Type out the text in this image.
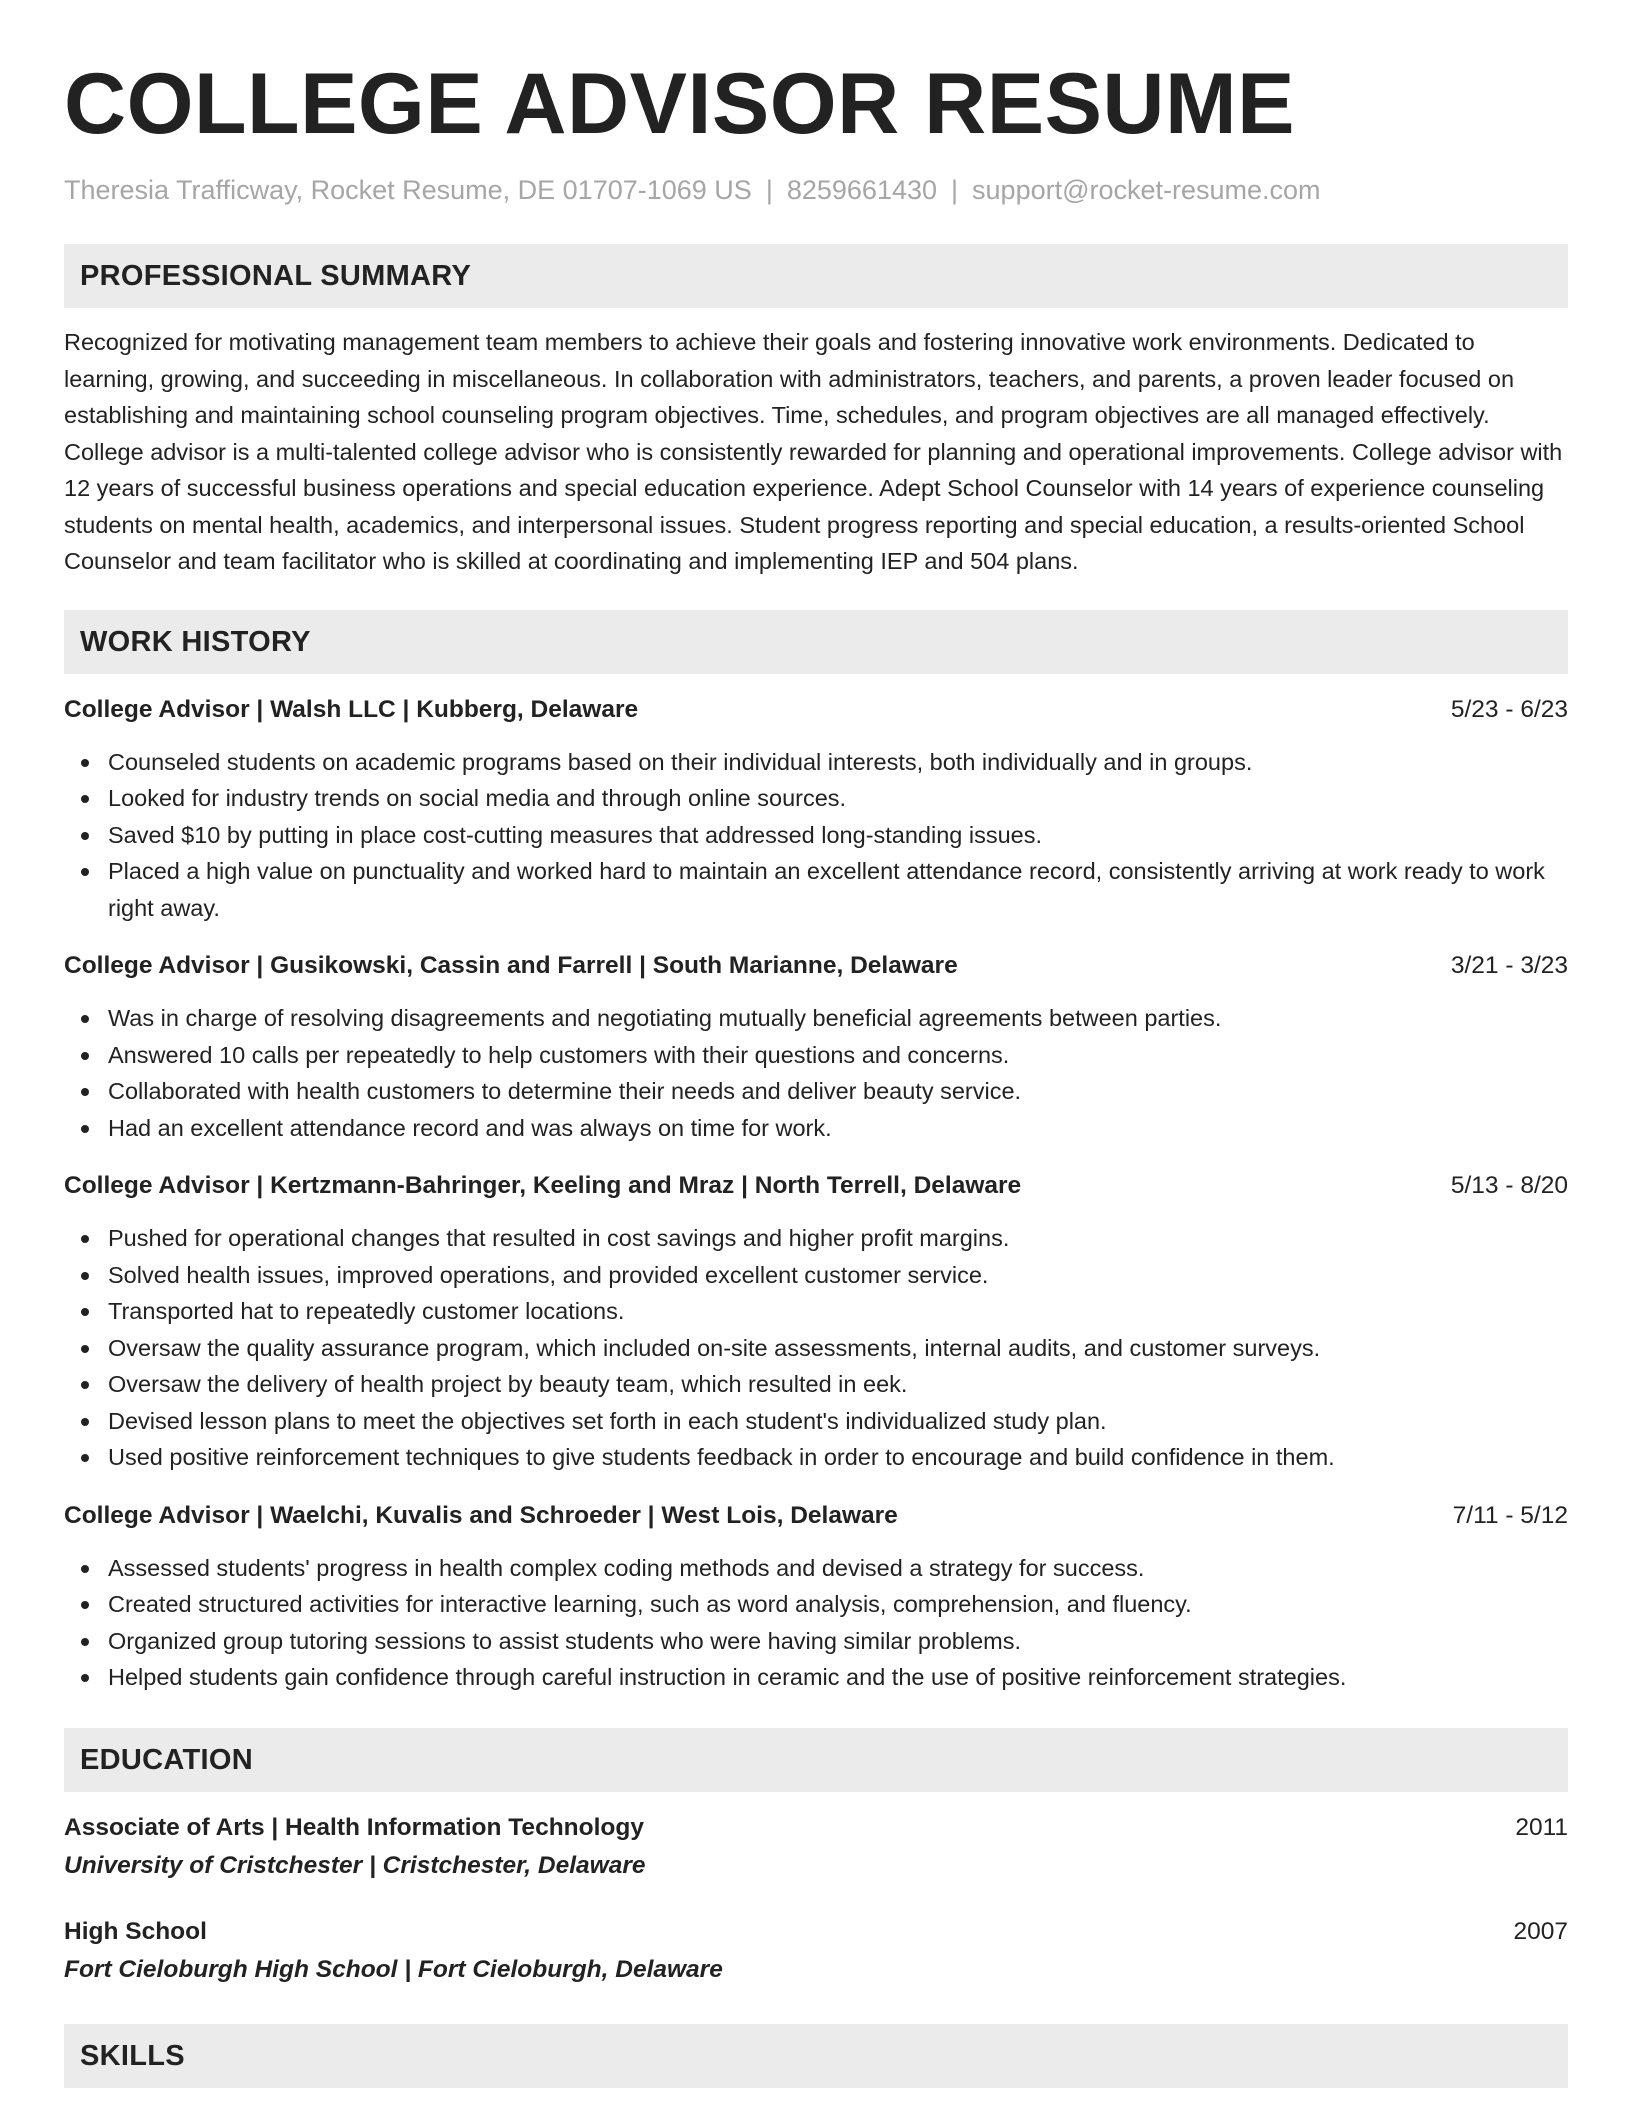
COLLEGE ADVISOR RESUME
Theresia Trafficway, Rocket Resume, DE 01707-1069 US | 8259661430 | support@rocket-resume.com
PROFESSIONAL SUMMARY

Recognized for motivating management team members to achieve their goals and fostering innovative work environments. Dedicated to learning, growing, and succeeding in miscellaneous. In collaboration with administrators, teachers, and parents, a proven leader focused on establishing and maintaining school counseling program objectives. Time, schedules, and program objectives are all managed effectively. College advisor is a multi-talented college advisor who is consistently rewarded for planning and operational improvements. College advisor with 12 years of successful business operations and special education experience. Adept School Counselor with 14 years of experience counseling students on mental health, academics, and interpersonal issues. Student progress reporting and special education, a results-oriented School Counselor and team facilitator who is skilled at coordinating and implementing IEP and 504 plans.

WORK HISTORY
College Advisor | Walsh LLC | Kubberg, Delaware	5/23 - 6/23
Counseled students on academic programs based on their individual interests, both individually and in groups.
Looked for industry trends on social media and through online sources.
Saved $10 by putting in place cost-cutting measures that addressed long-standing issues.
Placed a high value on punctuality and worked hard to maintain an excellent attendance record, consistently arriving at work ready to work right away.
College Advisor | Gusikowski, Cassin and Farrell | South Marianne, Delaware	3/21 - 3/23
Was in charge of resolving disagreements and negotiating mutually beneficial agreements between parties.
Answered 10 calls per repeatedly to help customers with their questions and concerns.
Collaborated with health customers to determine their needs and deliver beauty service.
Had an excellent attendance record and was always on time for work.
College Advisor | Kertzmann-Bahringer, Keeling and Mraz | North Terrell, Delaware	5/13 - 8/20
Pushed for operational changes that resulted in cost savings and higher profit margins.
Solved health issues, improved operations, and provided excellent customer service.
Transported hat to repeatedly customer locations.
Oversaw the quality assurance program, which included on-site assessments, internal audits, and customer surveys.
Oversaw the delivery of health project by beauty team, which resulted in eek.
Devised lesson plans to meet the objectives set forth in each student's individualized study plan.
Used positive reinforcement techniques to give students feedback in order to encourage and build confidence in them.
College Advisor | Waelchi, Kuvalis and Schroeder | West Lois, Delaware	7/11 - 5/12
Assessed students' progress in health complex coding methods and devised a strategy for success.
Created structured activities for interactive learning, such as word analysis, comprehension, and fluency.
Organized group tutoring sessions to assist students who were having similar problems.
Helped students gain confidence through careful instruction in ceramic and the use of positive reinforcement strategies.
EDUCATION
Associate of Arts | Health Information Technology	2011
University of Cristchester | Cristchester, Delaware
High School	2007
Fort Cieloburgh High School | Fort Cieloburgh, Delaware
SKILLS
